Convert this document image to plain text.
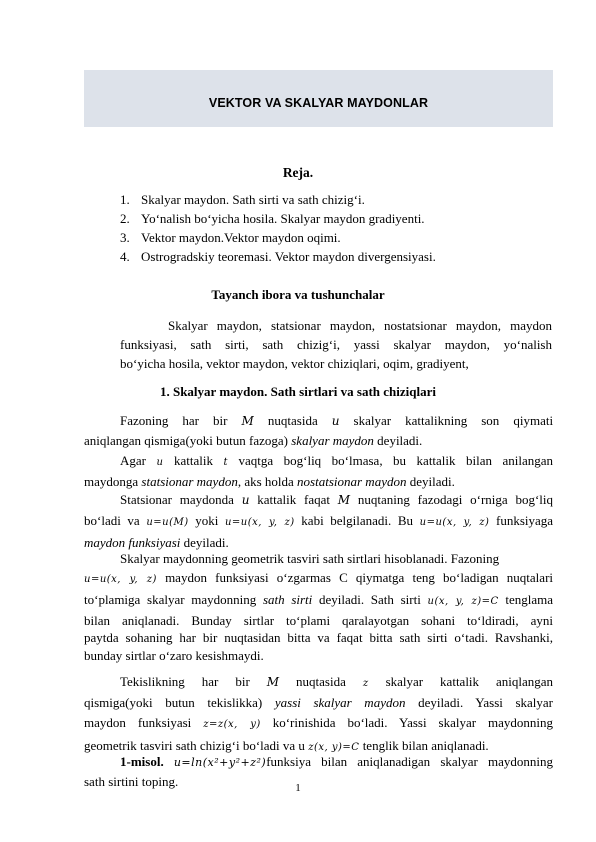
VEKTOR VA SKALYAR MAYDONLAR
Reja.
1. Skalyar maydon. Sath sirti va sath chizig‘i.
2. Yo‘nalish bo‘yicha hosila. Skalyar maydon gradiyenti.
3. Vektor maydon.Vektor maydon oqimi.
4. Ostrogradskiy teoremasi. Vektor maydon divergensiyasi.
Tayanch ibora va tushunchalar
Skalyar maydon, statsionar maydon, nostatsionar maydon, maydon
funksiyasi, sath sirti, sath chizig‘i, yassi skalyar maydon, yo‘nalish
bo‘yicha hosila, vektor maydon, vektor chiziqlari, oqim, gradiyent,
1. Skalyar maydon. Sath sirtlari va sath chiziqlari
Fazoning har bir M nuqtasida u skalyar kattalikning son qiymati
aniqlangan qismiga(yoki butun fazoga) skalyar maydon deyiladi.
Agar u kattalik t vaqtga bog‘liq bo‘lmasa, bu kattalik bilan anilangan
maydonga statsionar maydon, aks holda nostatsionar maydon deyiladi.
Statsionar maydonda u kattalik faqat M nuqtaning fazodagi o‘rniga bog‘liq
bo‘ladi va u=u(M) yoki u=u(x, y, z) kabi belgilanadi. Bu u=u(x, y, z) funksiyaga
maydon funksiyasi deyiladi.
Skalyar maydonning geometrik tasviri sath sirtlari hisoblanadi. Fazoning
u=u(x, y, z) maydon funksiyasi o‘zgarmas C qiymatga teng bo‘ladigan nuqtalari
to‘plamiga skalyar maydonning sath sirti deyiladi. Sath sirti u(x, y, z)=C tenglama
bilan aniqlanadi. Bunday sirtlar to‘plami qaralayotgan sohani to‘ldiradi, ayni
paytda sohaning har bir nuqtasidan bitta va faqat bitta sath sirti o‘tadi. Ravshanki,
bunday sirtlar o‘zaro kesishmaydi.
Tekislikning har bir M nuqtasida z skalyar kattalik aniqlangan
qismiga(yoki butun tekislikka) yassi skalyar maydon deyiladi. Yassi skalyar
maydon funksiyasi z=z(x, y) ko‘rinishida bo‘ladi. Yassi skalyar maydonning
geometrik tasviri sath chizig‘i bo‘ladi va u z(x, y)=C tenglik bilan aniqlanadi.
1-misol. u=ln(x²+y²+z²)funksiya bilan aniqlanadigan skalyar maydonning
sath sirtini toping.	1
